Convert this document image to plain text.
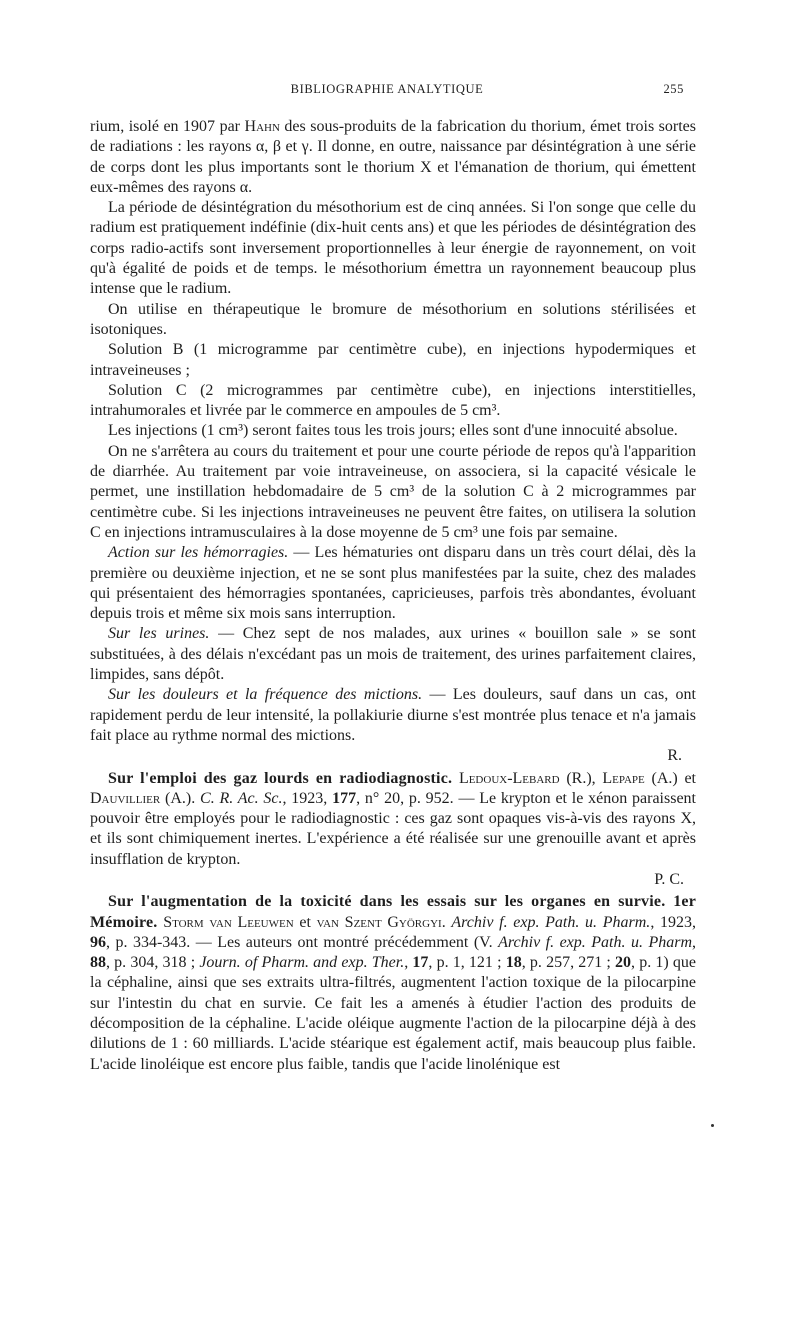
BIBLIOGRAPHIE ANALYTIQUE	255

rium, isolé en 1907 par Hahn des sous-produits de la fabrication du thorium, émet trois sortes de radiations : les rayons α, β et γ. Il donne, en outre, naissance par désintégration à une série de corps dont les plus importants sont le thorium X et l'émanation de thorium, qui émettent eux-mêmes des rayons α.

La période de désintégration du mésothorium est de cinq années. Si l'on songe que celle du radium est pratiquement indéfinie (dix-huit cents ans) et que les périodes de désintégration des corps radio-actifs sont inversement proportionnelles à leur énergie de rayonnement, on voit qu'à égalité de poids et de temps. le mésothorium émettra un rayonnement beaucoup plus intense que le radium.

On utilise en thérapeutique le bromure de mésothorium en solutions stérilisées et isotoniques.

Solution B (1 microgramme par centimètre cube), en injections hypodermiques et intraveineuses ;

Solution C (2 microgrammes par centimètre cube), en injections interstitielles, intrahumorales et livrée par le commerce en ampoules de 5 cm³.

Les injections (1 cm³) seront faites tous les trois jours; elles sont d'une innocuité absolue.

On ne s'arrêtera au cours du traitement et pour une courte période de repos qu'à l'apparition de diarrhée. Au traitement par voie intraveineuse, on associera, si la capacité vésicale le permet, une instillation hebdomadaire de 5 cm³ de la solution C à 2 microgrammes par centimètre cube. Si les injections intraveineuses ne peuvent être faites, on utilisera la solution C en injections intramusculaires à la dose moyenne de 5 cm³ une fois par semaine.

Action sur les hémorragies. — Les hématuries ont disparu dans un très court délai, dès la première ou deuxième injection, et ne se sont plus manifestées par la suite, chez des malades qui présentaient des hémorragies spontanées, capricieuses, parfois très abondantes, évoluant depuis trois et même six mois sans interruption.

Sur les urines. — Chez sept de nos malades, aux urines « bouillon sale » se sont substituées, à des délais n'excédant pas un mois de traitement, des urines parfaitement claires, limpides, sans dépôt.

Sur les douleurs et la fréquence des mictions. — Les douleurs, sauf dans un cas, ont rapidement perdu de leur intensité, la pollakiurie diurne s'est montrée plus tenace et n'a jamais fait place au rythme normal des mictions.

R.

Sur l'emploi des gaz lourds en radiodiagnostic. Ledoux-Lebard (R.), Lepape (A.) et Dauvillier (A.). C. R. Ac. Sc., 1923, 177, n° 20, p. 952. — Le krypton et le xénon paraissent pouvoir être employés pour le radiodiagnostic : ces gaz sont opaques vis-à-vis des rayons X, et ils sont chimiquement inertes. L'expérience a été réalisée sur une grenouille avant et après insufflation de krypton.

P. C.

Sur l'augmentation de la toxicité dans les essais sur les organes en survie. 1er Mémoire. Storm van Leeuwen et van Szent Györgyi. Archiv f. exp. Path. u. Pharm., 1923, 96, p. 334-343. — Les auteurs ont montré précédemment (V. Archiv f. exp. Path. u. Pharm, 88, p. 304, 318 ; Journ. of Pharm. and exp. Ther., 17, p. 1, 121 ; 18, p. 257, 271 ; 20, p. 1) que la céphaline, ainsi que ses extraits ultra-filtrés, augmentent l'action toxique de la pilocarpine sur l'intestin du chat en survie. Ce fait les a amenés à étudier l'action des produits de décomposition de la céphaline. L'acide oléique augmente l'action de la pilocarpine déjà à des dilutions de 1 : 60 milliards. L'acide stéarique est également actif, mais beaucoup plus faible. L'acide linoléique est encore plus faible, tandis que l'acide linolénique est
